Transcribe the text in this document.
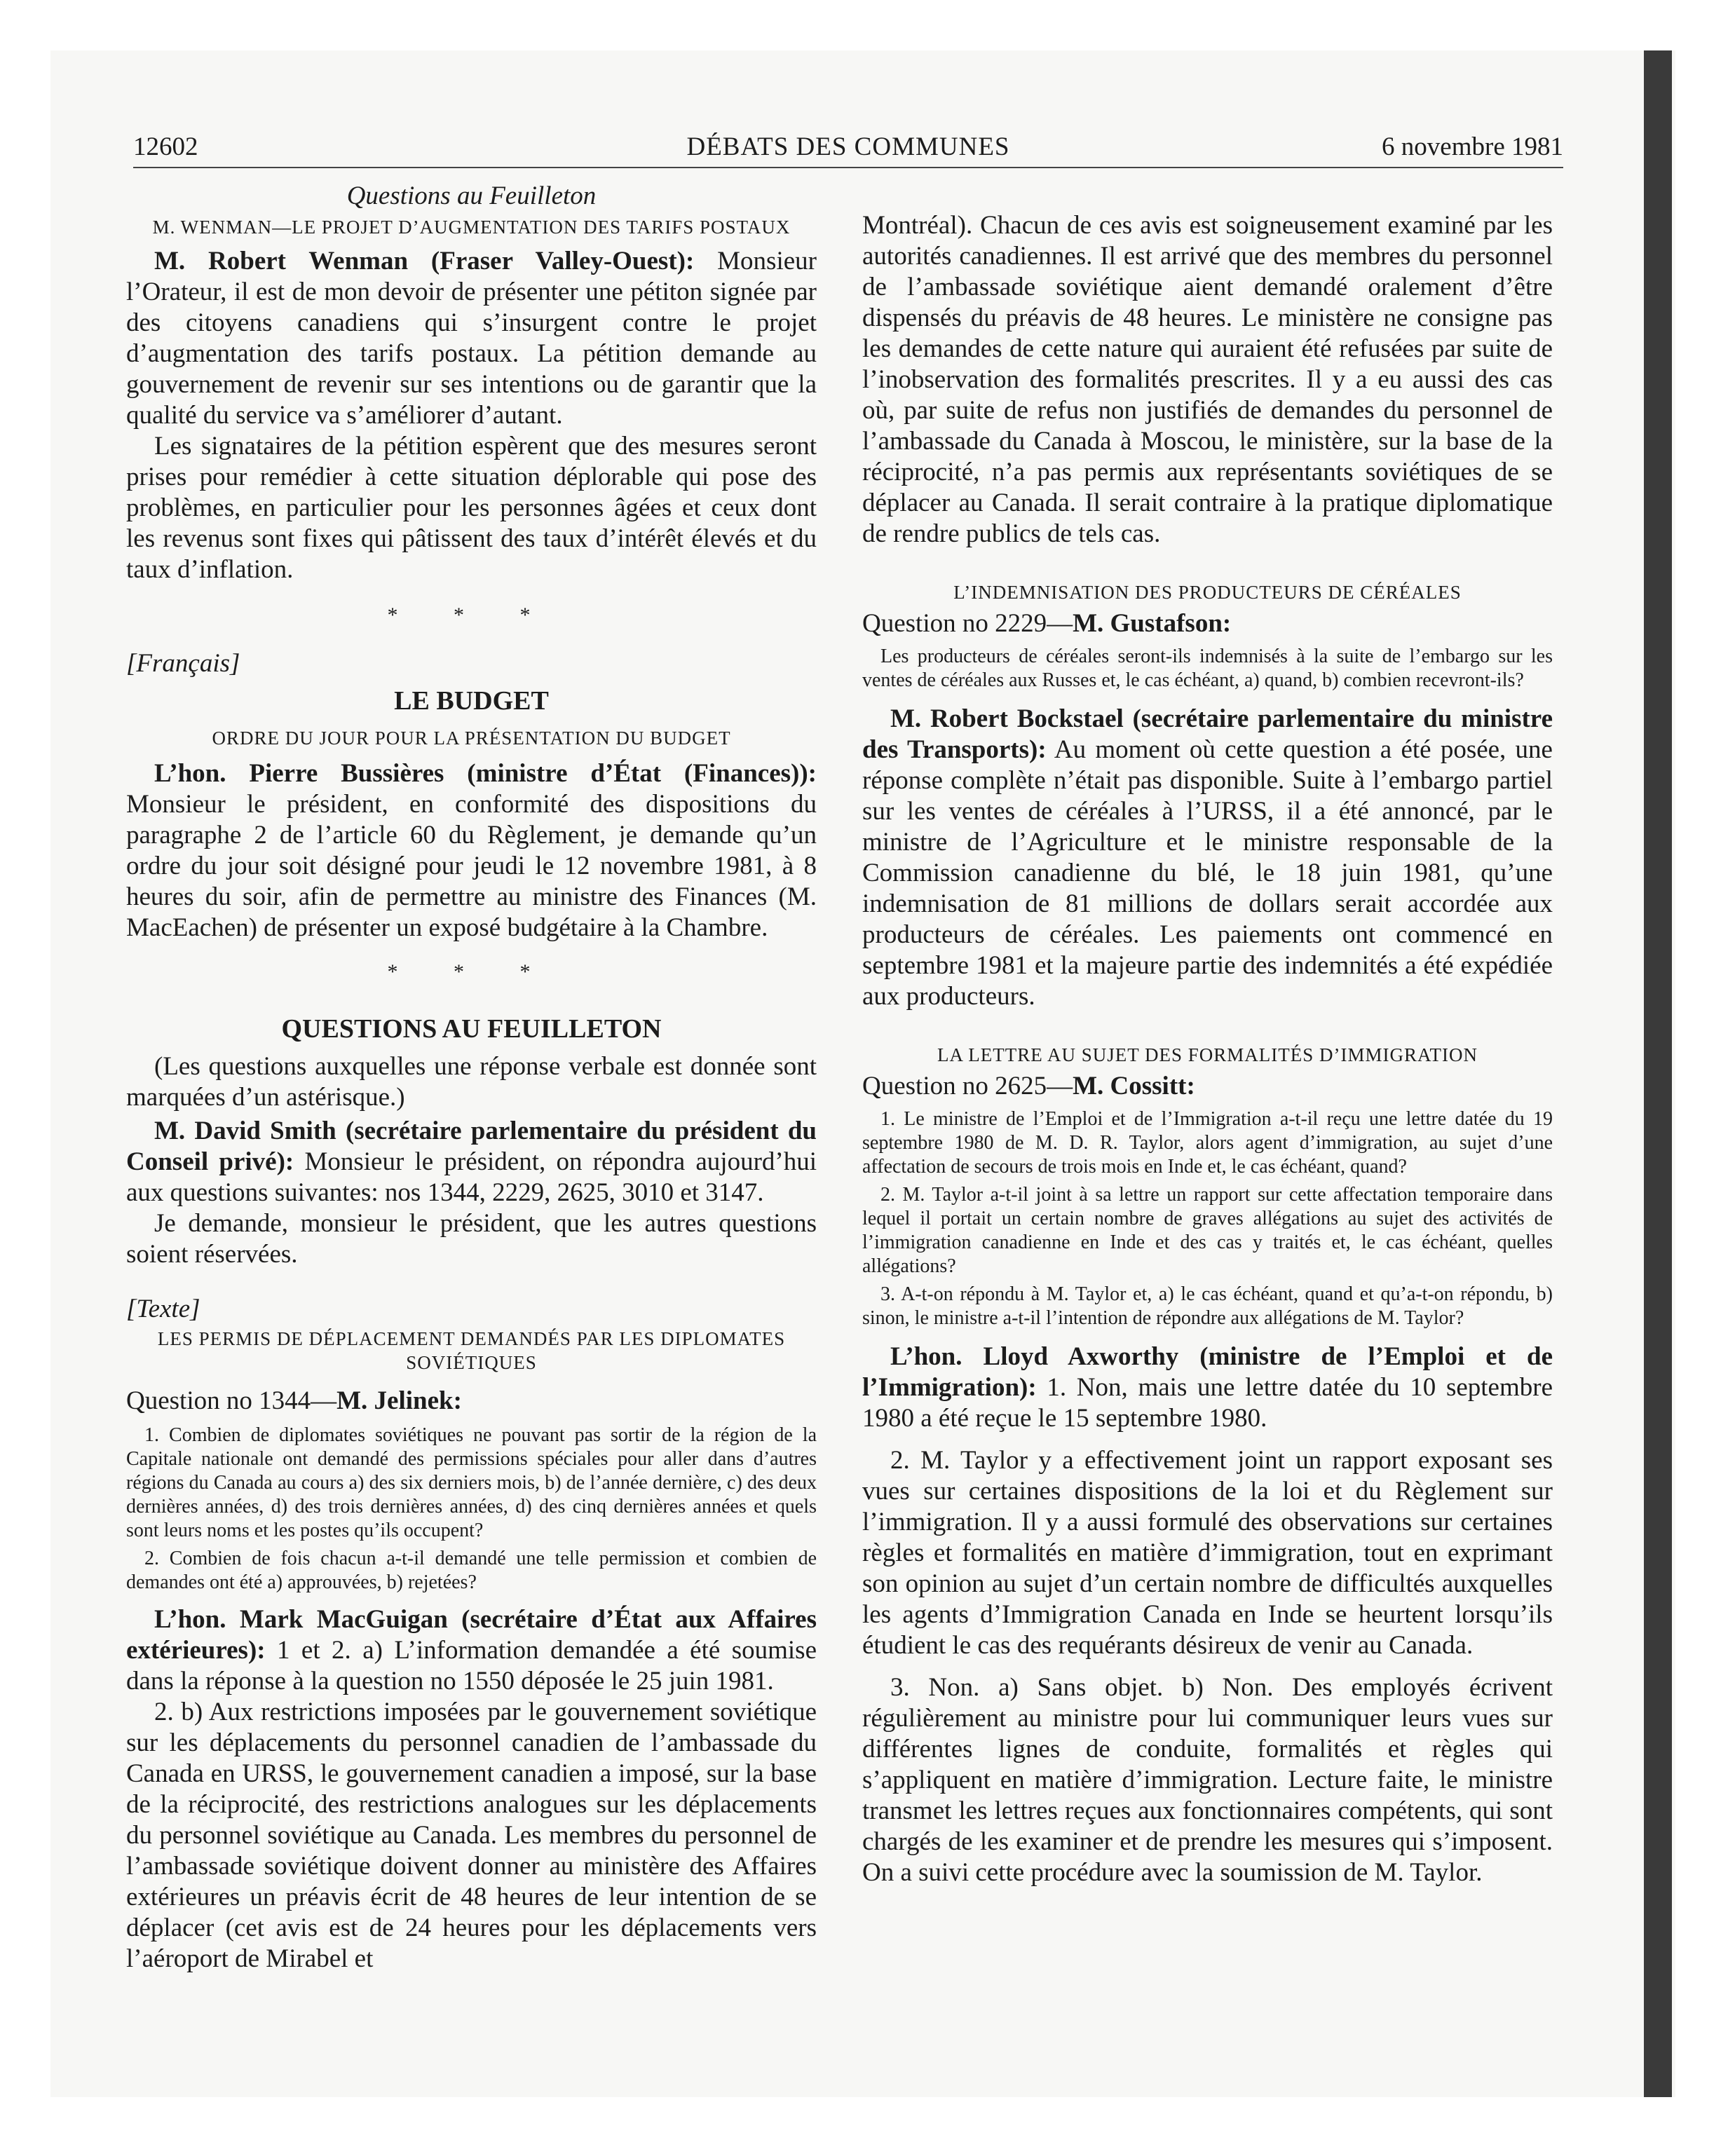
12602	DÉBATS DES COMMUNES	6 novembre 1981

Questions au Feuilleton

M. WENMAN—LE PROJET D’AUGMENTATION DES TARIFS POSTAUX

M. Robert Wenman (Fraser Valley-Ouest): Monsieur l’Orateur, il est de mon devoir de présenter une pétiton signée par des citoyens canadiens qui s’insurgent contre le projet d’augmentation des tarifs postaux. La pétition demande au gouvernement de revenir sur ses intentions ou de garantir que la qualité du service va s’améliorer d’autant.

Les signataires de la pétition espèrent que des mesures seront prises pour remédier à cette situation déplorable qui pose des problèmes, en particulier pour les personnes âgées et ceux dont les revenus sont fixes qui pâtissent des taux d’intérêt élevés et du taux d’inflation.

* * *

[Français]

LE BUDGET

ORDRE DU JOUR POUR LA PRÉSENTATION DU BUDGET

L’hon. Pierre Bussières (ministre d’État (Finances)): Monsieur le président, en conformité des dispositions du paragraphe 2 de l’article 60 du Règlement, je demande qu’un ordre du jour soit désigné pour jeudi le 12 novembre 1981, à 8 heures du soir, afin de permettre au ministre des Finances (M. MacEachen) de présenter un exposé budgétaire à la Chambre.

* * *

QUESTIONS AU FEUILLETON

(Les questions auxquelles une réponse verbale est donnée sont marquées d’un astérisque.)

M. David Smith (secrétaire parlementaire du président du Conseil privé): Monsieur le président, on répondra aujourd’hui aux questions suivantes: nos 1344, 2229, 2625, 3010 et 3147.

Je demande, monsieur le président, que les autres questions soient réservées.

[Texte]

LES PERMIS DE DÉPLACEMENT DEMANDÉS PAR LES DIPLOMATES SOVIÉTIQUES

Question no 1344—M. Jelinek:

1. Combien de diplomates soviétiques ne pouvant pas sortir de la région de la Capitale nationale ont demandé des permissions spéciales pour aller dans d’autres régions du Canada au cours a) des six derniers mois, b) de l’année dernière, c) des deux dernières années, d) des trois dernières années, d) des cinq dernières années et quels sont leurs noms et les postes qu’ils occupent?

2. Combien de fois chacun a-t-il demandé une telle permission et combien de demandes ont été a) approuvées, b) rejetées?

L’hon. Mark MacGuigan (secrétaire d’État aux Affaires extérieures): 1 et 2. a) L’information demandée a été soumise dans la réponse à la question no 1550 déposée le 25 juin 1981.

2. b) Aux restrictions imposées par le gouvernement soviétique sur les déplacements du personnel canadien de l’ambassade du Canada en URSS, le gouvernement canadien a imposé, sur la base de la réciprocité, des restrictions analogues sur les déplacements du personnel soviétique au Canada. Les membres du personnel de l’ambassade soviétique doivent donner au ministère des Affaires extérieures un préavis écrit de 48 heures de leur intention de se déplacer (cet avis est de 24 heures pour les déplacements vers l’aéroport de Mirabel et

Montréal). Chacun de ces avis est soigneusement examiné par les autorités canadiennes. Il est arrivé que des membres du personnel de l’ambassade soviétique aient demandé oralement d’être dispensés du préavis de 48 heures. Le ministère ne consigne pas les demandes de cette nature qui auraient été refusées par suite de l’inobservation des formalités prescrites. Il y a eu aussi des cas où, par suite de refus non justifiés de demandes du personnel de l’ambassade du Canada à Moscou, le ministère, sur la base de la réciprocité, n’a pas permis aux représentants soviétiques de se déplacer au Canada. Il serait contraire à la pratique diplomatique de rendre publics de tels cas.

L’INDEMNISATION DES PRODUCTEURS DE CÉRÉALES

Question no 2229—M. Gustafson:

Les producteurs de céréales seront-ils indemnisés à la suite de l’embargo sur les ventes de céréales aux Russes et, le cas échéant, a) quand, b) combien recevront-ils?

M. Robert Bockstael (secrétaire parlementaire du ministre des Transports): Au moment où cette question a été posée, une réponse complète n’était pas disponible. Suite à l’embargo partiel sur les ventes de céréales à l’URSS, il a été annoncé, par le ministre de l’Agriculture et le ministre responsable de la Commission canadienne du blé, le 18 juin 1981, qu’une indemnisation de 81 millions de dollars serait accordée aux producteurs de céréales. Les paiements ont commencé en septembre 1981 et la majeure partie des indemnités a été expédiée aux producteurs.

LA LETTRE AU SUJET DES FORMALITÉS D’IMMIGRATION

Question no 2625—M. Cossitt:

1. Le ministre de l’Emploi et de l’Immigration a-t-il reçu une lettre datée du 19 septembre 1980 de M. D. R. Taylor, alors agent d’immigration, au sujet d’une affectation de secours de trois mois en Inde et, le cas échéant, quand?

2. M. Taylor a-t-il joint à sa lettre un rapport sur cette affectation temporaire dans lequel il portait un certain nombre de graves allégations au sujet des activités de l’immigration canadienne en Inde et des cas y traités et, le cas échéant, quelles allégations?

3. A-t-on répondu à M. Taylor et, a) le cas échéant, quand et qu’a-t-on répondu, b) sinon, le ministre a-t-il l’intention de répondre aux allégations de M. Taylor?

L’hon. Lloyd Axworthy (ministre de l’Emploi et de l’Immigration): 1. Non, mais une lettre datée du 10 septembre 1980 a été reçue le 15 septembre 1980.

2. M. Taylor y a effectivement joint un rapport exposant ses vues sur certaines dispositions de la loi et du Règlement sur l’immigration. Il y a aussi formulé des observations sur certaines règles et formalités en matière d’immigration, tout en exprimant son opinion au sujet d’un certain nombre de difficultés auxquelles les agents d’Immigration Canada en Inde se heurtent lorsqu’ils étudient le cas des requérants désireux de venir au Canada.

3. Non. a) Sans objet. b) Non. Des employés écrivent régulièrement au ministre pour lui communiquer leurs vues sur différentes lignes de conduite, formalités et règles qui s’appliquent en matière d’immigration. Lecture faite, le ministre transmet les lettres reçues aux fonctionnaires compétents, qui sont chargés de les examiner et de prendre les mesures qui s’imposent. On a suivi cette procédure avec la soumission de M. Taylor.
